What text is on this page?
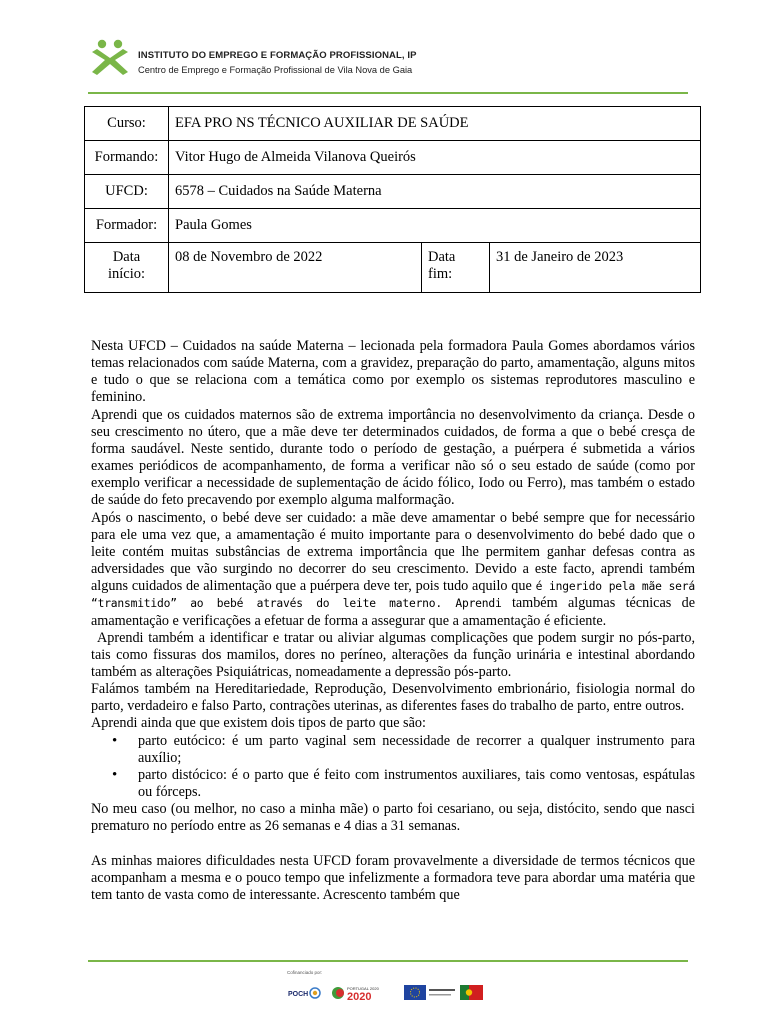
INSTITUTO DO EMPREGO E FORMAÇÃO PROFISSIONAL, IP
Centro de Emprego e Formação Profissional de Vila Nova de Gaia
Curso:	EFA PRO NS TÉCNICO AUXILIAR DE SAÚDE		
Formando:	Vitor Hugo de Almeida Vilanova Queirós		
UFCD:	6578 – Cuidados na Saúde Materna		
Formador:	Paula Gomes		
Data
início:	08 de Novembro de 2022	Data fim:	31 de Janeiro de 2023

Nesta UFCD – Cuidados na saúde Materna – lecionada pela formadora Paula Gomes abordamos vários temas relacionados com saúde Materna, com a gravidez, preparação do parto, amamentação, alguns mitos e tudo o que se relaciona com a temática como por exemplo os sistemas reprodutores masculino e feminino.

Aprendi que os cuidados maternos são de extrema importância no desenvolvimento da criança. Desde o seu crescimento no útero, que a mãe deve ter determinados cuidados, de forma a que o bebé cresça de forma saudável. Neste sentido, durante todo o período de gestação, a puérpera é submetida a vários exames periódicos de acompanhamento, de forma a verificar não só o seu estado de saúde (como por exemplo verificar a necessidade de suplementação de ácido fólico, Iodo ou Ferro), mas também o estado de saúde do feto precavendo por exemplo alguma malformação.

Após o nascimento, o bebé deve ser cuidado: a mãe deve amamentar o bebé sempre que for necessário para ele uma vez que, a amamentação é muito importante para o desenvolvimento do bebé dado que o leite contém muitas substâncias de extrema importância que lhe permitem ganhar defesas contra as adversidades que vão surgindo no decorrer do seu crescimento. Devido a este facto, aprendi também alguns cuidados de alimentação que a puérpera deve ter, pois tudo aquilo que é ingerido pela mãe será “transmitido” ao bebé através do leite materno. Aprendi também algumas técnicas de amamentação e verificações a efetuar de forma a assegurar que a amamentação é eficiente.

Aprendi também a identificar e tratar ou aliviar algumas complicações que podem surgir no pós-parto, tais como fissuras dos mamilos, dores no períneo, alterações da função urinária e intestinal abordando também as alterações Psiquiátricas, nomeadamente a depressão pós-parto.

Falámos também na Hereditariedade, Reprodução, Desenvolvimento embrionário, fisiologia normal do parto, verdadeiro e falso Parto, contrações uterinas, as diferentes fases do trabalho de parto, entre outros.

Aprendi ainda que que existem dois tipos de parto que são:

• parto eutócico: é um parto vaginal sem necessidade de recorrer a qualquer instrumento para auxílio;
• parto distócico: é o parto que é feito com instrumentos auxiliares, tais como ventosas, espátulas ou fórceps.

No meu caso (ou melhor, no caso a minha mãe) o parto foi cesariano, ou seja, distócito, sendo que nasci prematuro no período entre as 26 semanas e 4 dias a 31 semanas.

As minhas maiores dificuldades nesta UFCD foram provavelmente a diversidade de termos técnicos que acompanham a mesma e o pouco tempo que infelizmente a formadora teve para abordar uma matéria que tem tanto de vasta como de interessante. Acrescento também que

Cofinanciado por:
POCH
PORTUGAL 2020
2020
